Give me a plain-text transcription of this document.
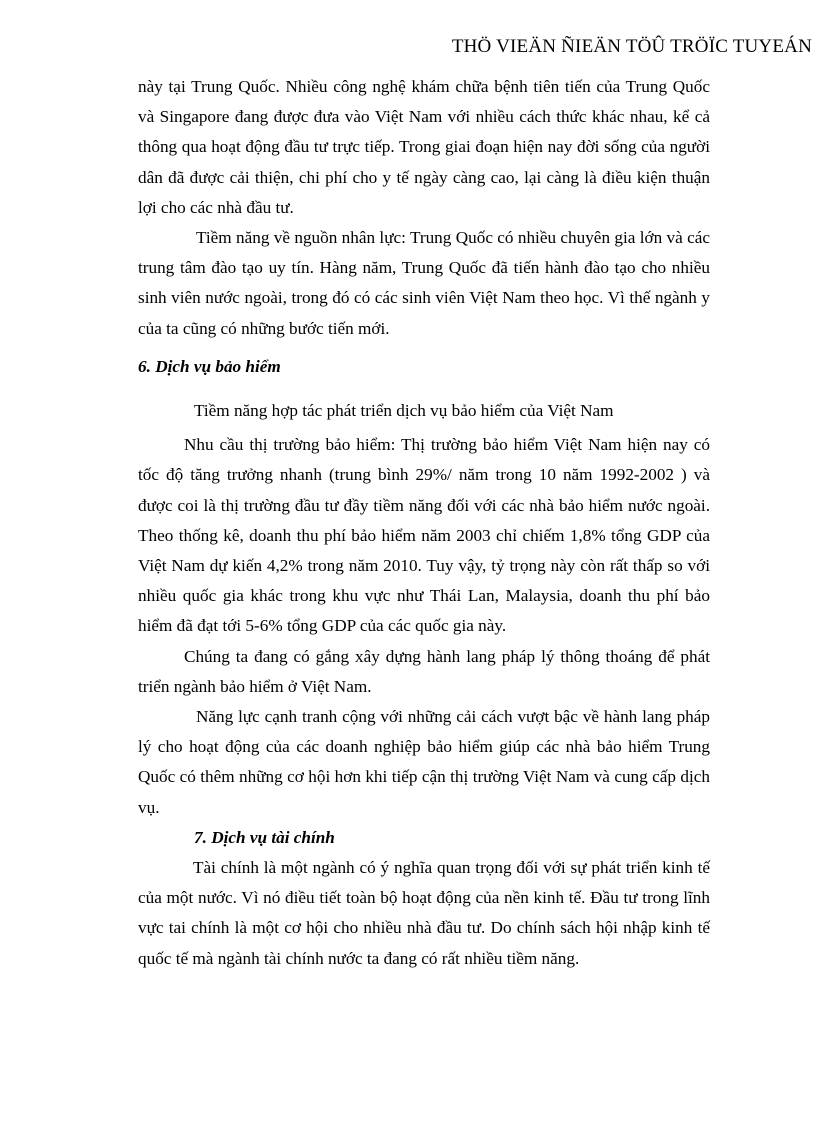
THÖ VIEÄN ÑIEÄN TÖÛ TRÖÏC TUYEÁN

này tại Trung Quốc. Nhiều công nghệ khám chữa bệnh tiên tiến của Trung Quốc và Singapore đang được đưa vào Việt Nam với nhiều cách thức khác nhau, kể cả thông qua hoạt động đầu tư trực tiếp. Trong giai đoạn hiện nay đời sống của người dân đã được cải thiện, chi phí cho y tế ngày càng cao, lại càng là điều kiện thuận lợi cho các nhà đầu tư.

Tiềm năng về nguồn nhân lực: Trung Quốc có nhiều chuyên gia lớn và các trung tâm đào tạo uy tín. Hàng năm, Trung Quốc đã tiến hành đào tạo cho nhiều sinh viên nước ngoài, trong đó có các sinh viên Việt Nam theo học. Vì thế ngành y của ta cũng có những bước tiến mới.

6. Dịch vụ bảo hiểm

Tiềm năng hợp tác phát triển dịch vụ bảo hiểm của Việt Nam

Nhu cầu thị trường bảo hiểm: Thị trường bảo hiểm Việt Nam hiện nay có tốc độ tăng trưởng nhanh (trung bình 29%/ năm trong 10 năm 1992-2002 ) và được coi là thị trường đầu tư đầy tiềm năng đối với các nhà bảo hiểm nước ngoài. Theo thống kê, doanh thu phí bảo hiểm năm 2003 chỉ chiếm 1,8% tổng GDP của Việt Nam dự kiến 4,2% trong năm 2010. Tuy vậy, tỷ trọng này còn rất thấp so với nhiều quốc gia khác trong khu vực như Thái Lan, Malaysia, doanh thu phí bảo hiểm đã đạt tới 5-6% tổng GDP của các quốc gia này.

Chúng ta đang có gắng xây dựng hành lang pháp lý thông thoáng để phát triển ngành bảo hiểm ở Việt Nam.

Năng lực cạnh tranh cộng với những cải cách vượt bậc về hành lang pháp lý cho hoạt động của các doanh nghiệp bảo hiểm giúp các nhà bảo hiểm Trung Quốc có thêm những cơ hội hơn khi tiếp cận thị trường Việt Nam và cung cấp dịch vụ.

7. Dịch vụ tài chính

Tài chính là một ngành có ý nghĩa quan trọng đối với sự phát triển kinh tế của một nước. Vì nó điều tiết toàn bộ hoạt động của nền kinh tế. Đầu tư trong lĩnh vực tai chính là một cơ hội cho nhiều nhà đầu tư. Do chính sách hội nhập kinh tế quốc tế mà ngành tài chính nước ta đang có rất nhiều tiềm năng.
